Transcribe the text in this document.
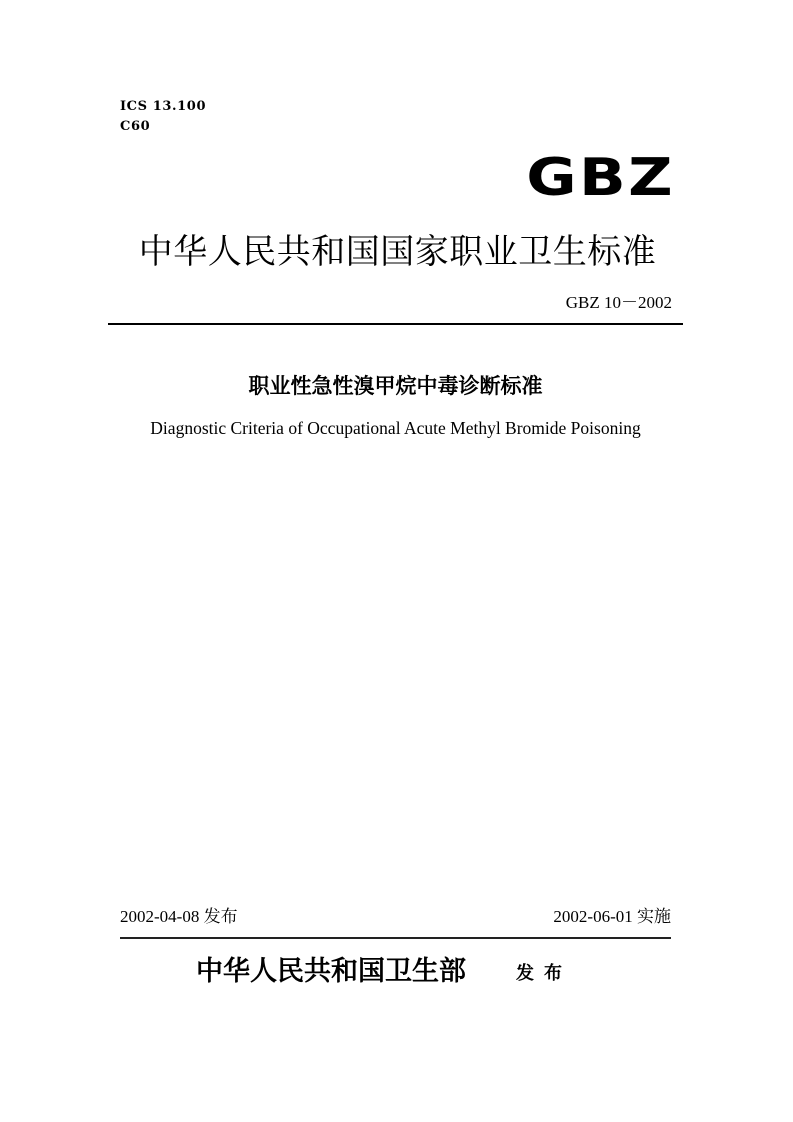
ICS 13.100
C60
GBZ
中华人民共和国国家职业卫生标准
GBZ 10－2002
职业性急性溴甲烷中毒诊断标准
Diagnostic Criteria of Occupational Acute Methyl Bromide Poisoning
2002-04-08 发布	2002-06-01 实施
中华人民共和国卫生部	发布
